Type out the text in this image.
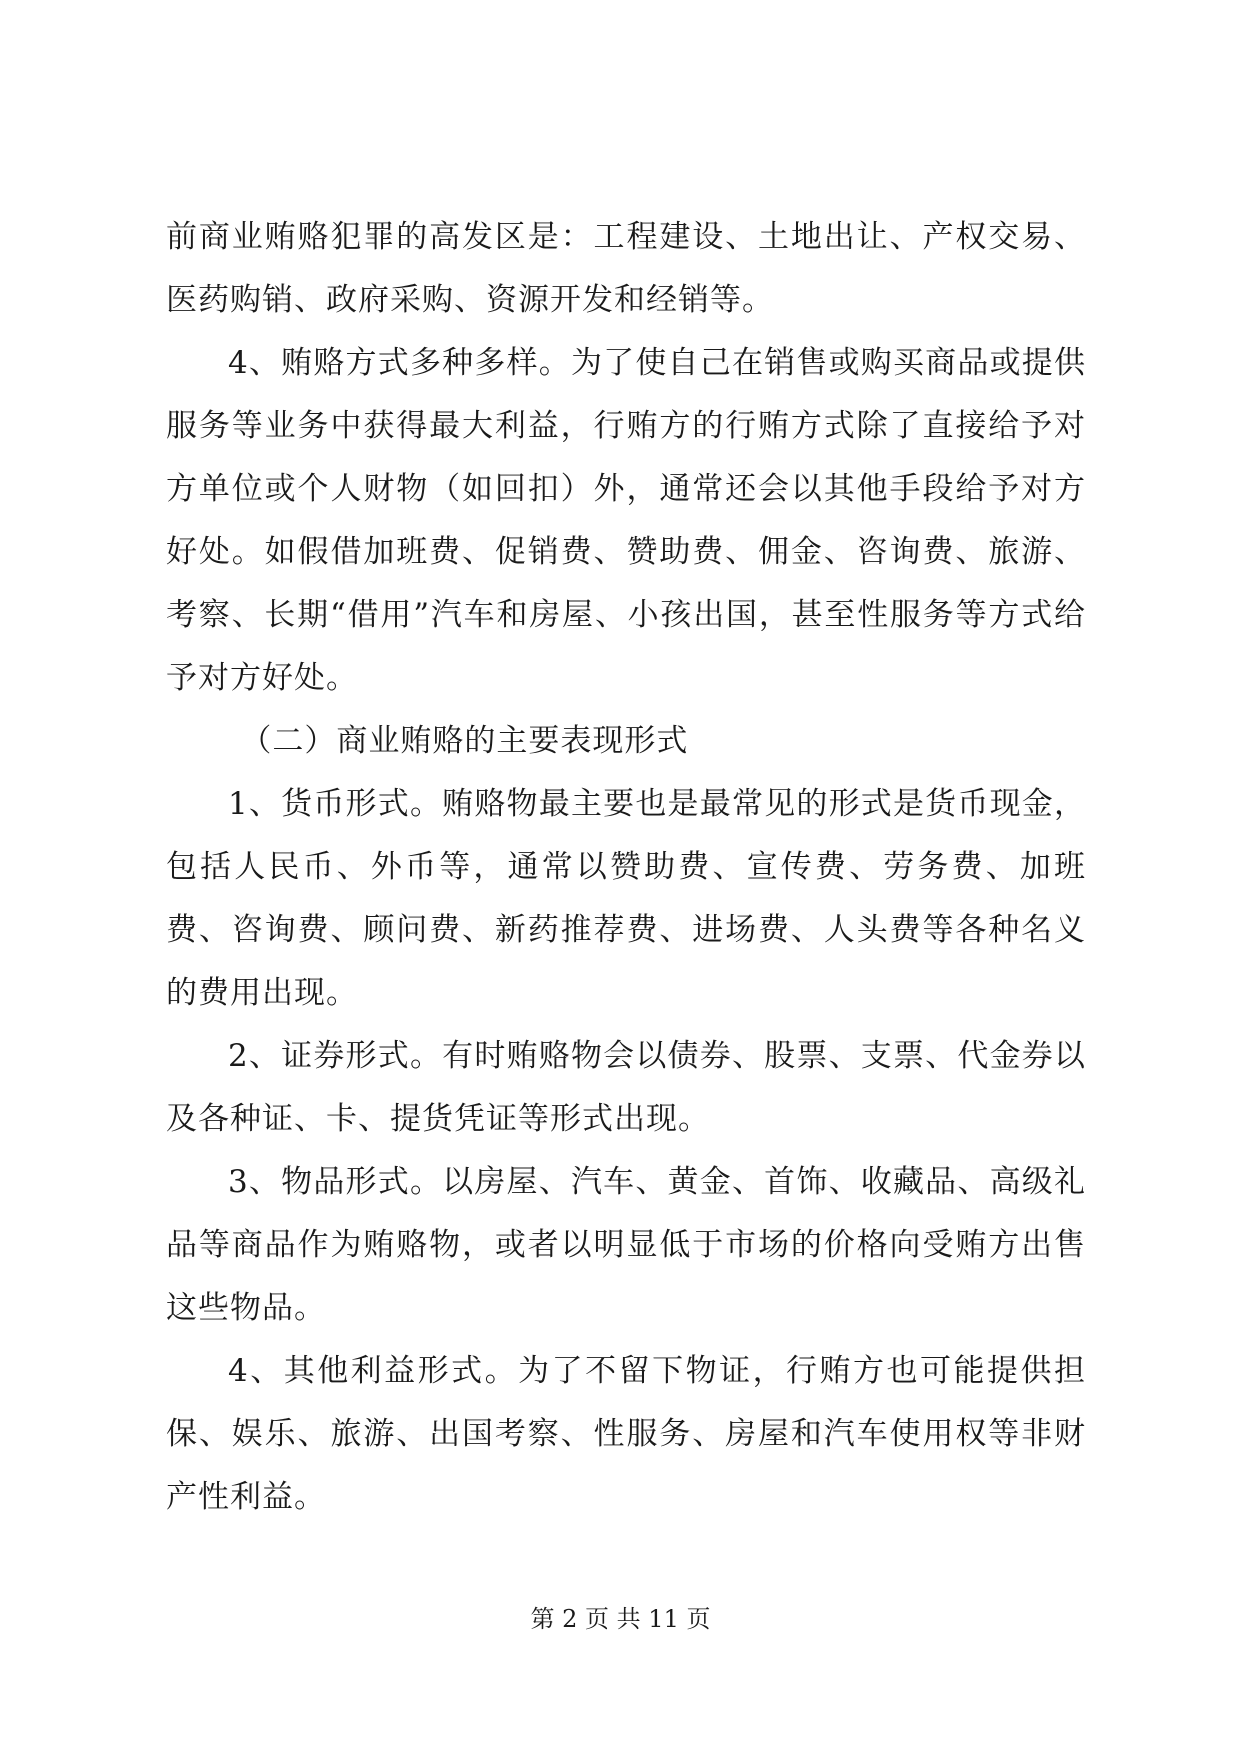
前商业贿赂犯罪的高发区是：工程建设、土地出让、产权交易、医药购销、政府采购、资源开发和经销等。

4、贿赂方式多种多样。为了使自己在销售或购买商品或提供服务等业务中获得最大利益，行贿方的行贿方式除了直接给予对方单位或个人财物（如回扣）外，通常还会以其他手段给予对方好处。如假借加班费、促销费、赞助费、佣金、咨询费、旅游、考察、长期“借用”汽车和房屋、小孩出国，甚至性服务等方式给予对方好处。

（二）商业贿赂的主要表现形式

1、货币形式。贿赂物最主要也是最常见的形式是货币现金，包括人民币、外币等，通常以赞助费、宣传费、劳务费、加班费、咨询费、顾问费、新药推荐费、进场费、人头费等各种名义的费用出现。

2、证券形式。有时贿赂物会以债券、股票、支票、代金券以及各种证、卡、提货凭证等形式出现。

3、物品形式。以房屋、汽车、黄金、首饰、收藏品、高级礼品等商品作为贿赂物，或者以明显低于市场的价格向受贿方出售这些物品。

4、其他利益形式。为了不留下物证，行贿方也可能提供担保、娱乐、旅游、出国考察、性服务、房屋和汽车使用权等非财产性利益。

第 2 页 共 11 页
